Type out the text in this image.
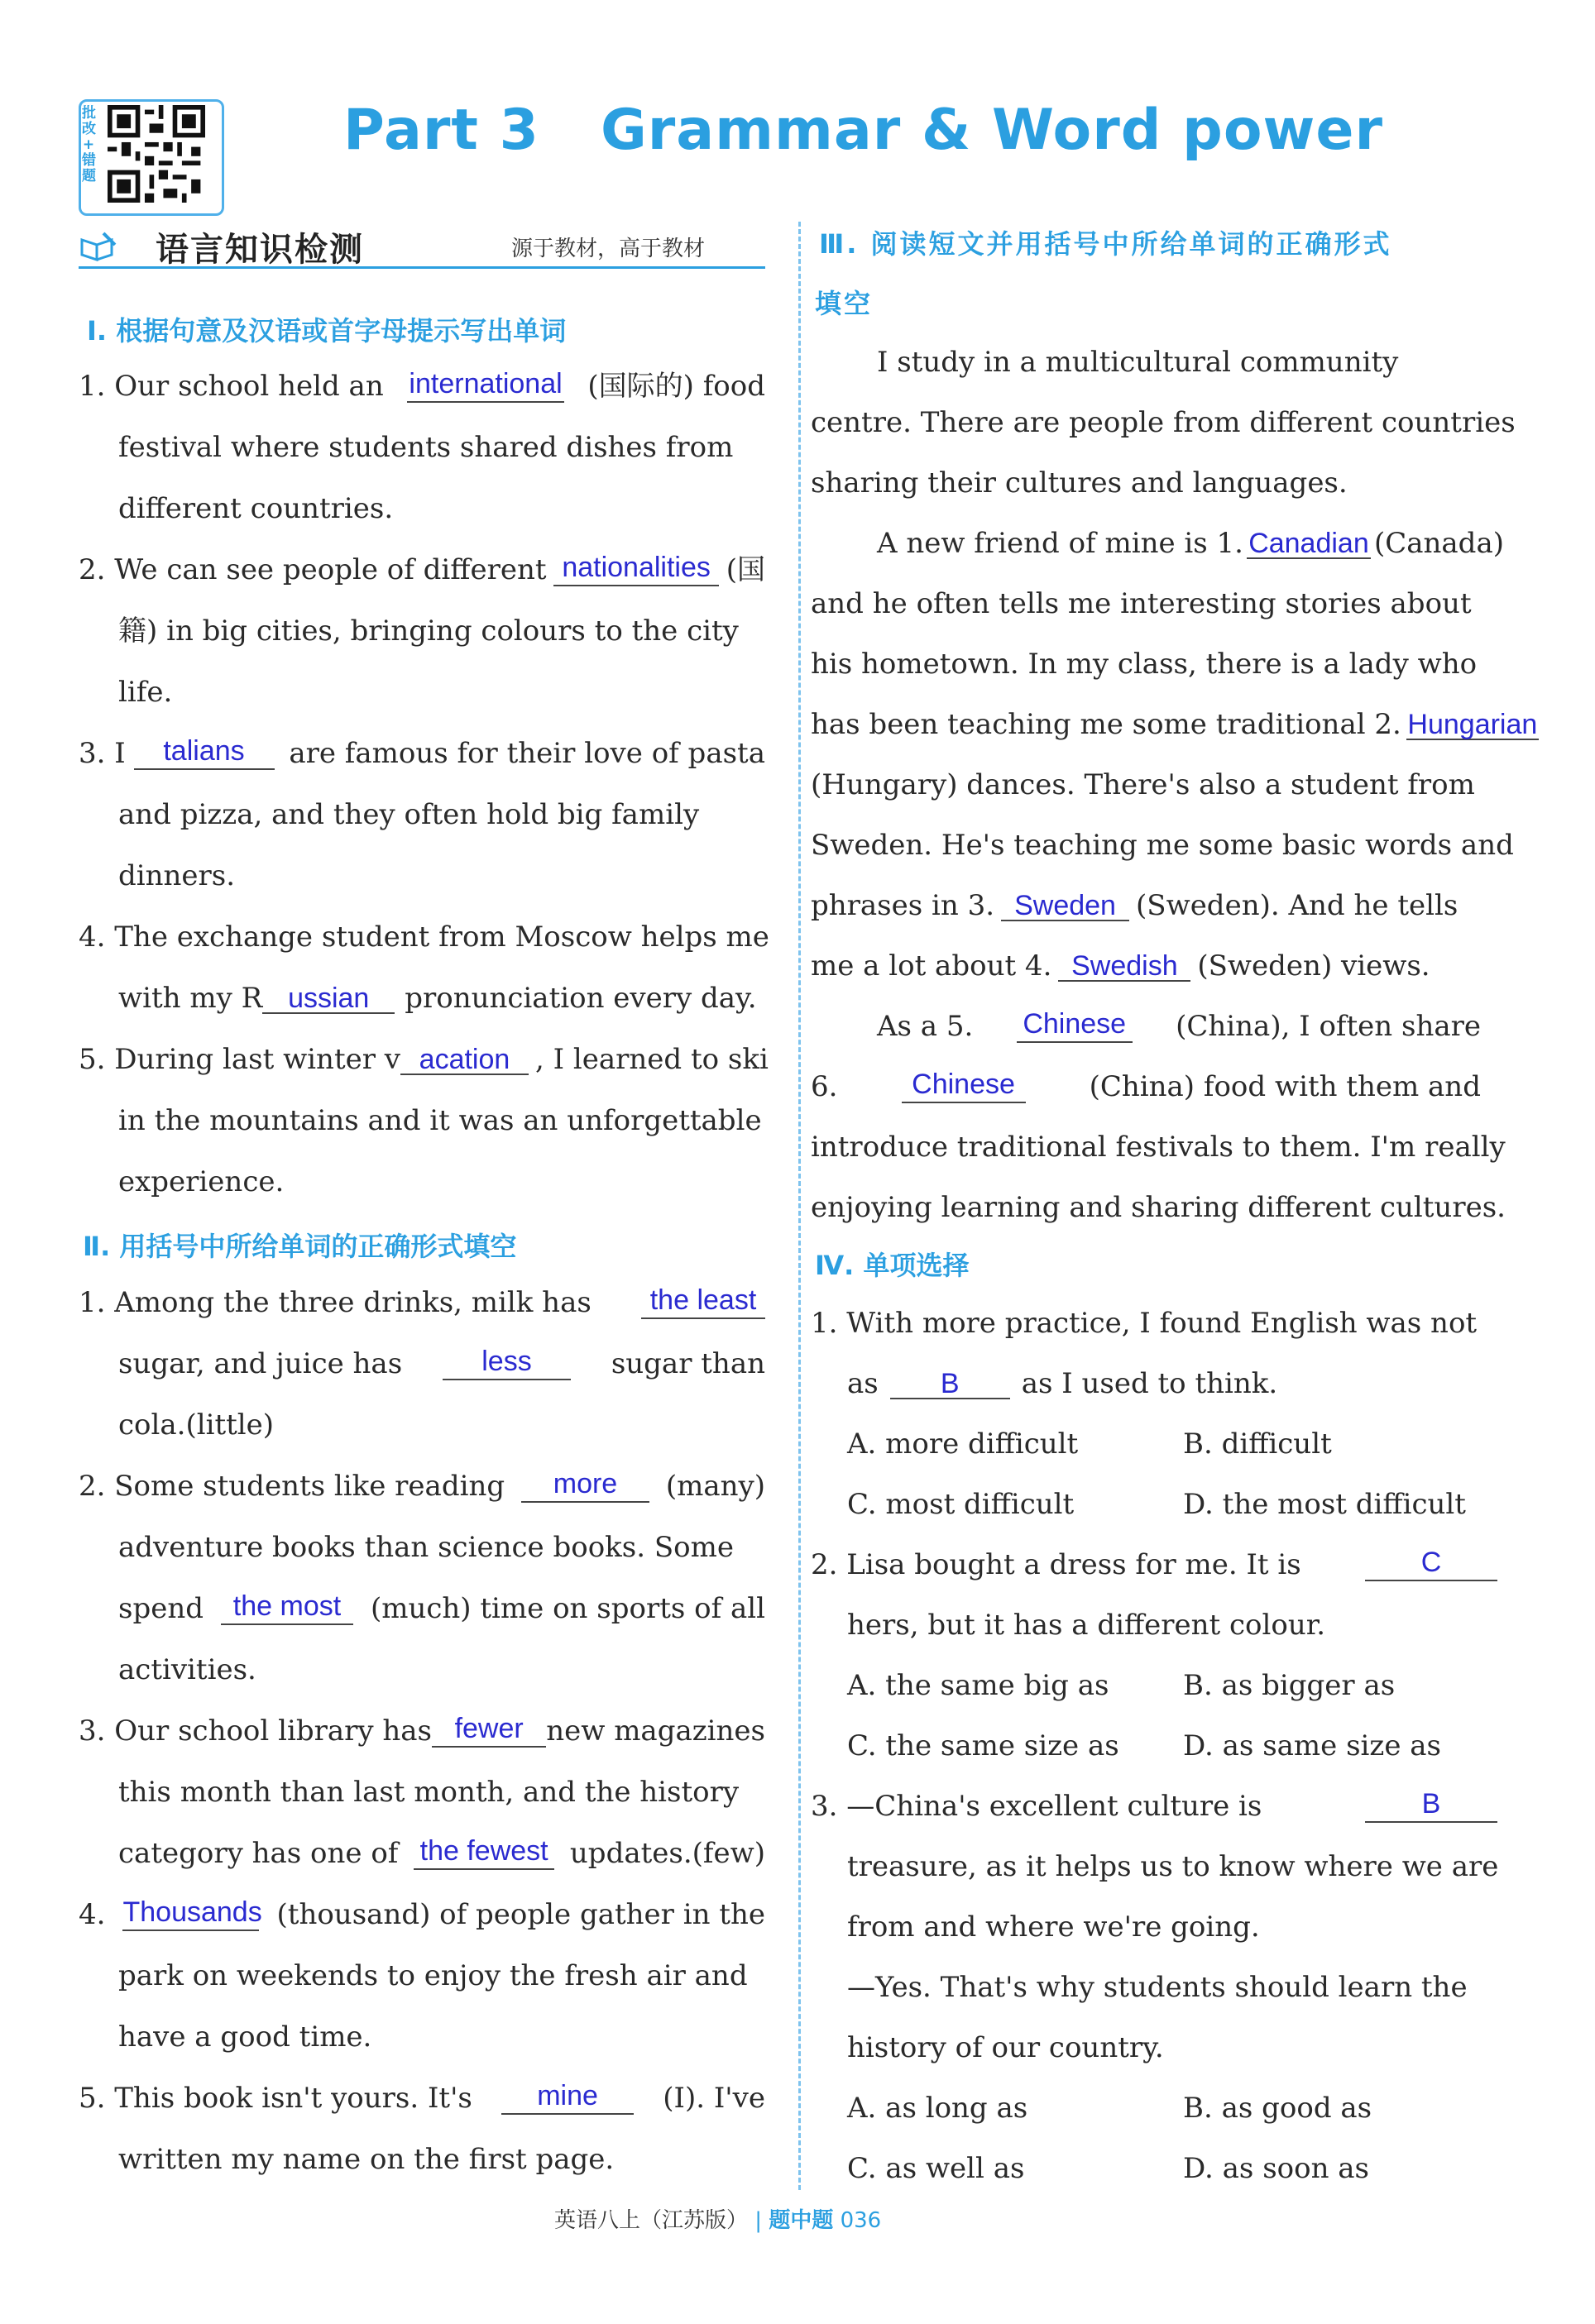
批
改
+
错
题
Part 3   Grammar & Word power
语言知识检测	源于教材，高于教材
Ⅰ. 根据句意及汉语或首字母提示写出单词
1. Our school held an international (国际的) food
festival where students shared dishes from
different countries.
2. We can see people of different nationalities (国
籍) in big cities, bringing colours to the city
life.
3. I	talians	are famous for their love of pasta
and pizza, and they often hold big family
dinners.
4. The exchange student from Moscow helps me
with my R ussian pronunciation every day.
5. During last winter v acation , I learned to ski
in the mountains and it was an unforgettable
experience.
Ⅱ. 用括号中所给单词的正确形式填空
1. Among the three drinks, milk has	the least
sugar, and juice has	less	sugar than
cola.(little)
2. Some students like reading	more	(many)
adventure books than science books. Some
spend	the most	(much) time on sports of all
activities.
3. Our school library has fewer new magazines
this month than last month, and the history
category has one of the fewest updates.(few)
4. Thousands (thousand) of people gather in the
park on weekends to enjoy the fresh air and
have a good time.
5. This book isn't yours. It's	mine	(I). I've
written my name on the first page.
Ⅲ. 阅读短文并用括号中所给单词的正确形式
填空
I study in a multicultural community
centre. There are people from different countries
sharing their cultures and languages.
A new friend of mine is 1. Canadian (Canada)
and he often tells me interesting stories about
his hometown. In my class, there is a lady who
has been teaching me some traditional 2. Hungarian
(Hungary) dances. There's also a student from
Sweden. He's teaching me some basic words and
phrases in 3. Sweden (Sweden). And he tells
me a lot about 4. Swedish (Sweden) views.
As a 5. Chinese (China), I often share
6.	Chinese	(China) food with them and
introduce traditional festivals to them. I'm really
enjoying learning and sharing different cultures.
Ⅳ. 单项选择
1. With more practice, I found English was not
as B as I used to think.
A. more difficult	B. difficult
C. most difficult	D. the most difficult
2. Lisa bought a dress for me. It is	C
hers, but it has a different colour.
A. the same big as	B. as bigger as
C. the same size as D. as same size as
3. —China's excellent culture is	B
treasure, as it helps us to know where we are
from and where we're going.
—Yes. That's why students should learn the
history of our country.
A. as long as	B. as good as
C. as well as	D. as soon as
英语八上（江苏版） | 题中题 036
